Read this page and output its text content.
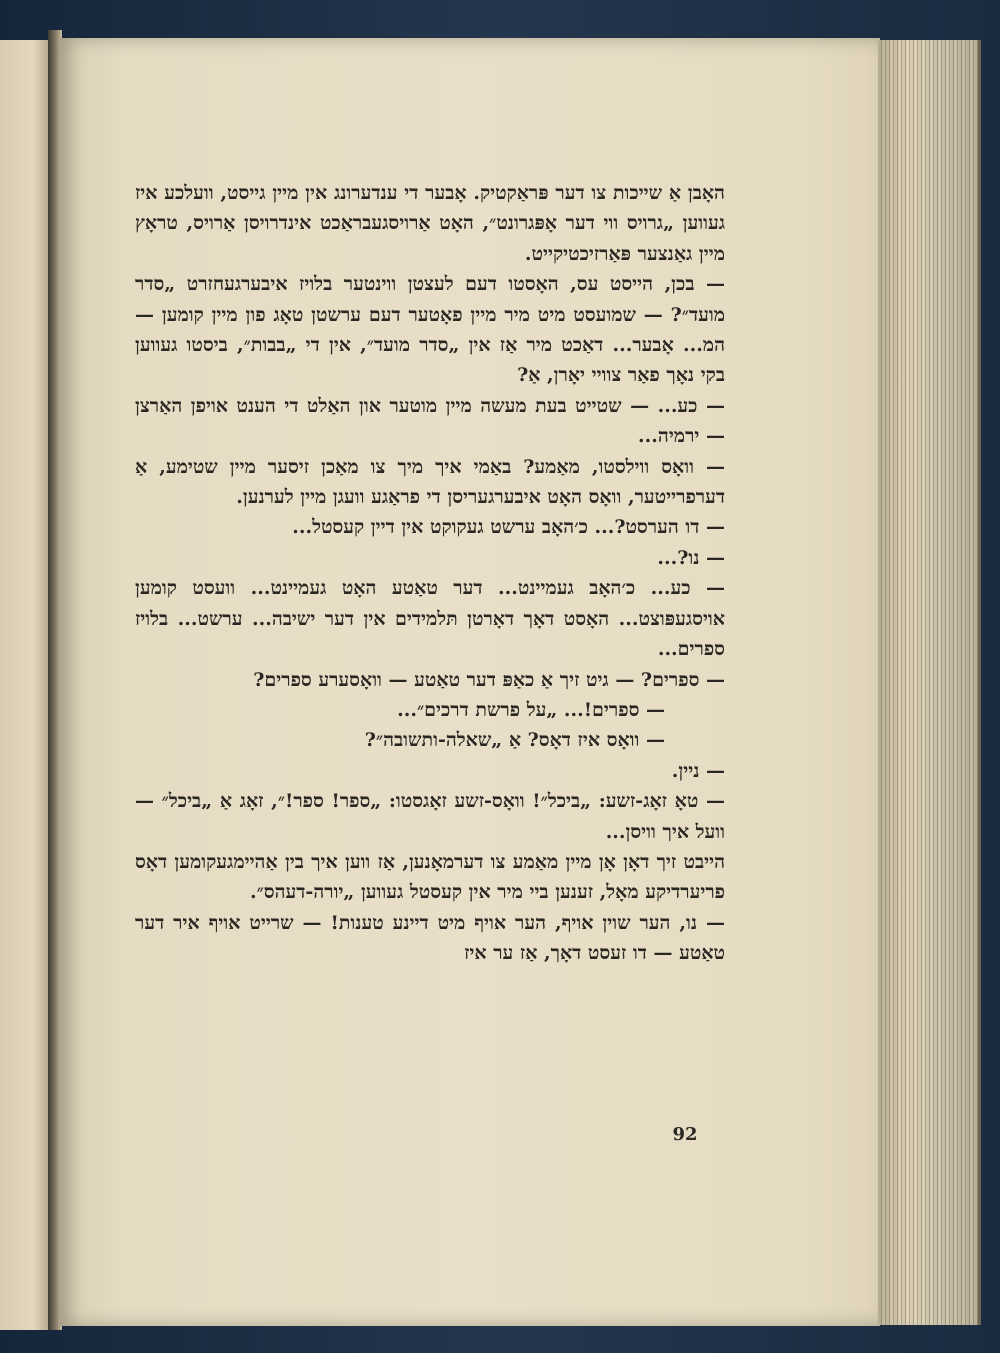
האָבן אַ שייכות צו דער פּראַקטיק. אָבער די ענדערונג אין מיין גייסט, וועלכע איז געווען „גרויס ווי דער אָפּגרונט״, האָט אַרויסגעבראַכט אינדרויסן אַרויס, טראָץ מיין גאַנצער פּאַרזיכטיקייט.

— בכן, הייסט עס, האָסטו דעם לעצטן ווינטער בלויז איבערגעחזרט „סדר מועד״? — שמועסט מיט מיר מיין פאָטער דעם ערשטן טאָג פון מיין קומען — המ... אָבער... דאַכט מיר אַז אין „סדר מועד״, אין די „בבות״, ביסטו געווען בקי נאָך פאַר צוויי יאָרן, אַ?

— כע... — שטייט בעת מעשה מיין מוטער און האַלט די הענט אויפן האַרצן — ירמיה...

— וואָס ווילסטו, מאַמע? באַמי איך מיך צו מאַכן זיסער מיין שטימע, אַ דערפרייטער, וואָס האָט איבערגעריסן די פראַגע וועגן מיין לערנען.

— דו הערסט?... כ׳האָב ערשט געקוקט אין דיין קעסטל...

— נו?...

— כע... כ׳האָב געמיינט... דער טאַטע האָט געמיינט... וועסט קומען אויסגעפּוצט... האָסט דאָך דאָרטן תּלמידים אין דער ישיבה... ערשט... בלויז ספרים...

— ספרים? — גיט זיך אַ כאַפּ דער טאַטע — וואָסערע ספרים?

— ספרים!... „על פרשת דרכים״...

— וואָס איז דאָס? אַ „שאלה-ותשובה״?

— ניין.

— טאָ זאָג-זשע: „ביכל״! וואָס-זשע זאָגסטו: „ספר! ספר!״, זאָג אַ „ביכל״ — וועל איך וויסן...

הייבט זיך דאָן אָן מיין מאַמע צו דערמאָנען, אַז ווען איך בין אַהיימגעקומען דאָס פריערדיקע מאָל, זענען ביי מיר אין קעסטל געווען „יורה-דעהס״.

— נו, הער שוין אויף, הער אויף מיט דיינע טענות! — שרייט אויף איר דער טאַטע — דו זעסט דאָך, אַז ער איז

92
